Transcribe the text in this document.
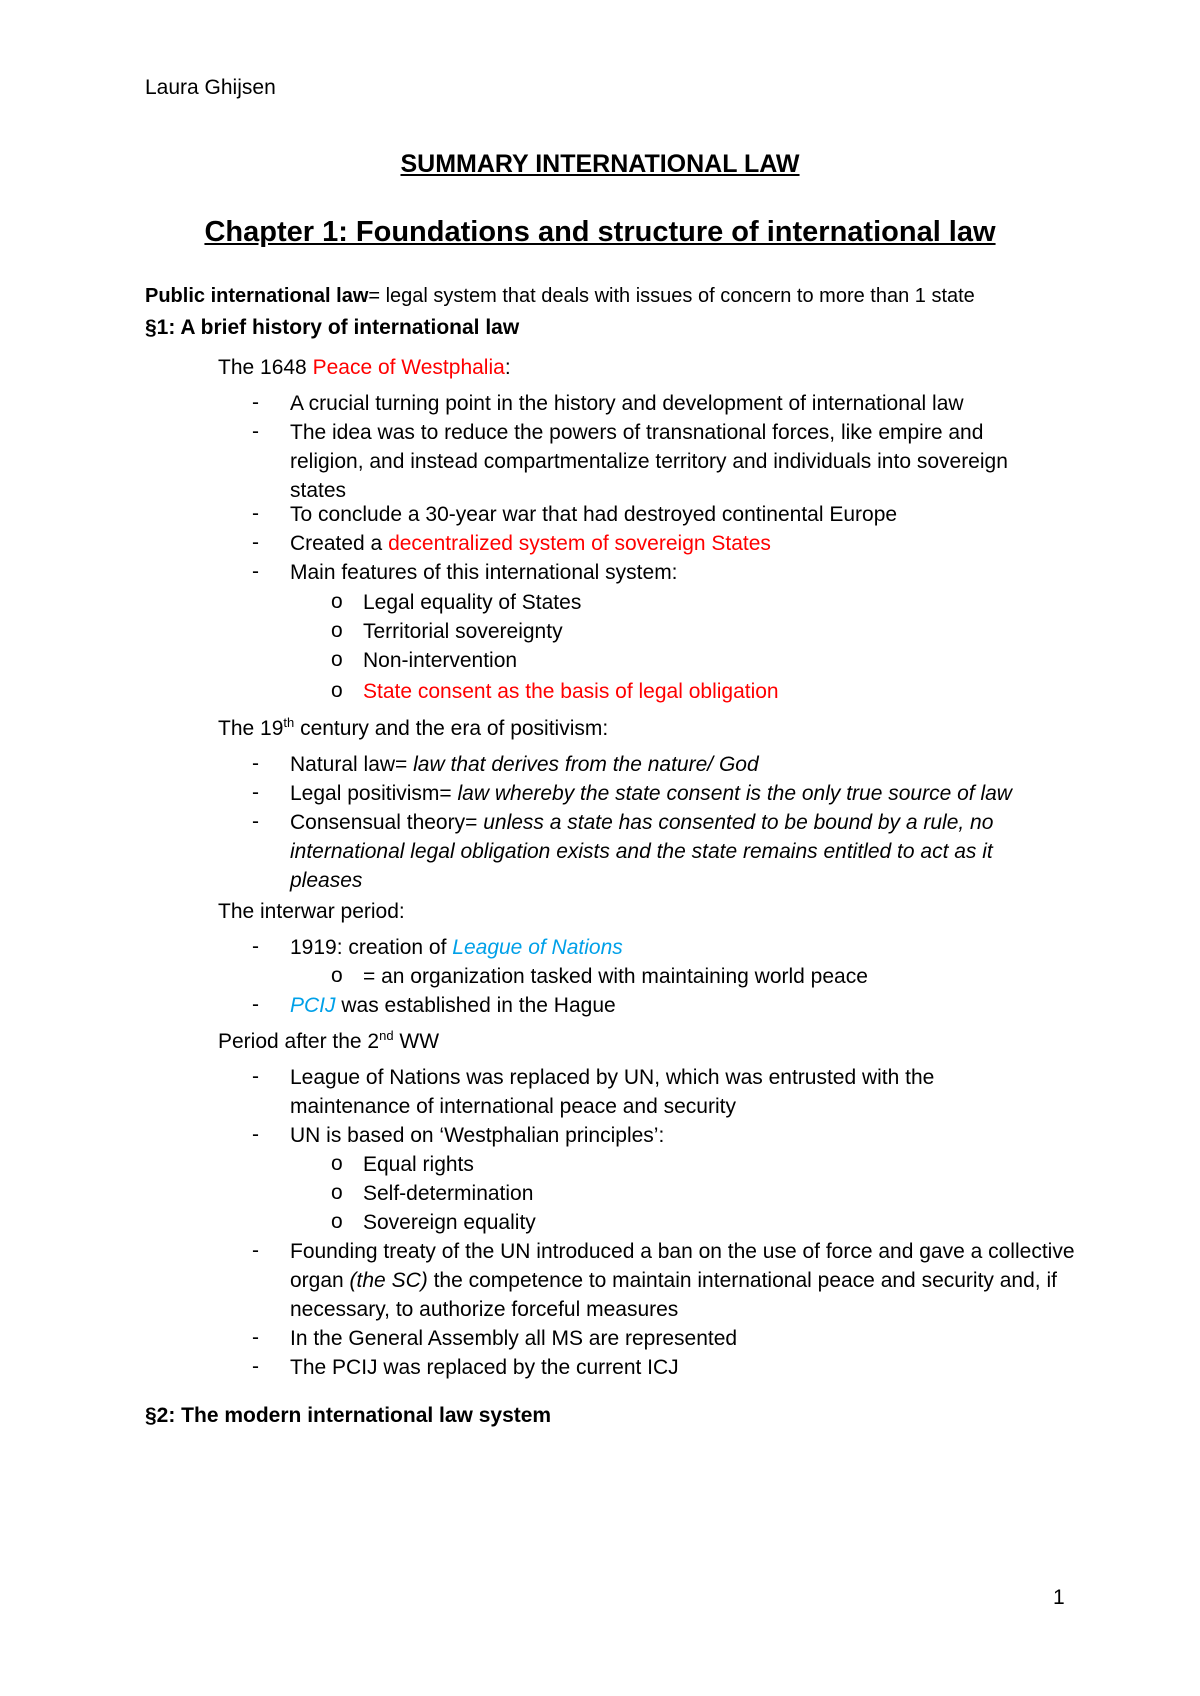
Laura Ghijsen
SUMMARY INTERNATIONAL LAW
Chapter 1: Foundations and structure of international law
Public international law= legal system that deals with issues of concern to more than 1 state
§1: A brief history of international law
The 1648 Peace of Westphalia:
- A crucial turning point in the history and development of international law
- The idea was to reduce the powers of transnational forces, like empire and religion, and instead compartmentalize territory and individuals into sovereign states
- To conclude a 30-year war that had destroyed continental Europe
- Created a decentralized system of sovereign States
- Main features of this international system:
o Legal equality of States
o Territorial sovereignty
o Non-intervention
o State consent as the basis of legal obligation
The 19th century and the era of positivism:
- Natural law= law that derives from the nature/ God
- Legal positivism= law whereby the state consent is the only true source of law
- Consensual theory= unless a state has consented to be bound by a rule, no international legal obligation exists and the state remains entitled to act as it pleases
The interwar period:
- 1919: creation of League of Nations
o = an organization tasked with maintaining world peace
- PCIJ was established in the Hague
Period after the 2nd WW
- League of Nations was replaced by UN, which was entrusted with the maintenance of international peace and security
- UN is based on ‘Westphalian principles’:
o Equal rights
o Self-determination
o Sovereign equality
- Founding treaty of the UN introduced a ban on the use of force and gave a collective organ (the SC) the competence to maintain international peace and security and, if necessary, to authorize forceful measures
- In the General Assembly all MS are represented
- The PCIJ was replaced by the current ICJ
§2: The modern international law system
1
